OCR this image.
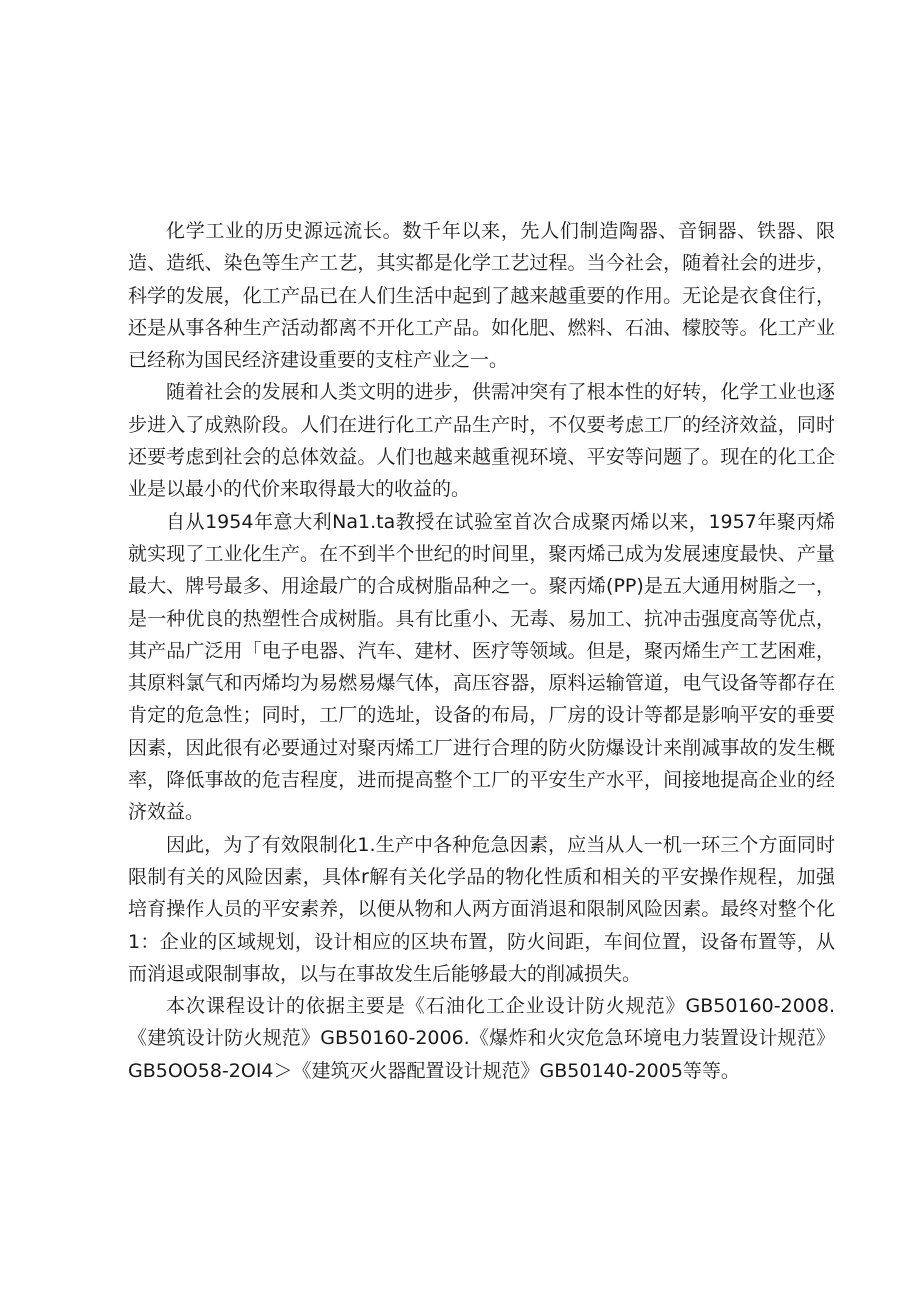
化学工业的历史源远流长。数千年以来，先人们制造陶器、音铜器、铁器、限造、造纸、染色等生产工艺，其实都是化学工艺过程。当今社会，随着社会的进步，科学的发展，化工产品已在人们生活中起到了越来越重要的作用。无论是衣食住行，还是从事各种生产活动都离不开化工产品。如化肥、燃料、石油、檬胶等。化工产业已经称为国民经济建设重要的支柱产业之一。

随着社会的发展和人类文明的进步，供需冲突有了根本性的好转，化学工业也逐步进入了成熟阶段。人们在进行化工产品生产时，不仅要考虑工厂的经济效益，同时还要考虑到社会的总体效益。人们也越来越重视环境、平安等问题了。现在的化工企业是以最小的代价来取得最大的收益的。

自从1954年意大利Na1.ta教授在试验室首次合成聚丙烯以来，1957年聚丙烯就实现了工业化生产。在不到半个世纪的时间里，聚丙烯己成为发展速度最快、产量最大、牌号最多、用途最广的合成树脂品种之一。聚丙烯(PP)是五大通用树脂之一，是一种优良的热塑性合成树脂。具有比重小、无毒、易加工、抗冲击强度高等优点，其产品广泛用「电子电器、汽车、建材、医疗等领域。但是，聚丙烯生产工艺困难，其原料氯气和丙烯均为易燃易爆气体，高压容器，原料运输管道，电气设备等都存在肯定的危急性；同时，工厂的选址，设备的布局，厂房的设计等都是影响平安的垂要因素，因此很有必要通过对聚丙烯工厂进行合理的防火防爆设计来削减事故的发生概率，降低事故的危吉程度，进而提高整个工厂的平安生产水平，间接地提高企业的经济效益。

因此，为了有效限制化1.生产中各种危急因素，应当从人一机一环三个方面同时限制有关的风险因素，具体r解有关化学品的物化性质和相关的平安操作规程，加强培育操作人员的平安素养，以便从物和人两方面消退和限制风险因素。最终对整个化1：企业的区域规划，设计相应的区块布置，防火间距，车间位置，设备布置等，从而消退或限制事故，以与在事故发生后能够最大的削减损失。

本次课程设计的依据主要是《石油化工企业设计防火规范》GB50160-2008.《建筑设计防火规范》GB50160-2006.《爆炸和火灾危急环境电力装置设计规范》GB5OO58-2OI4＞《建筑灭火器配置设计规范》GB50140-2005等等。
